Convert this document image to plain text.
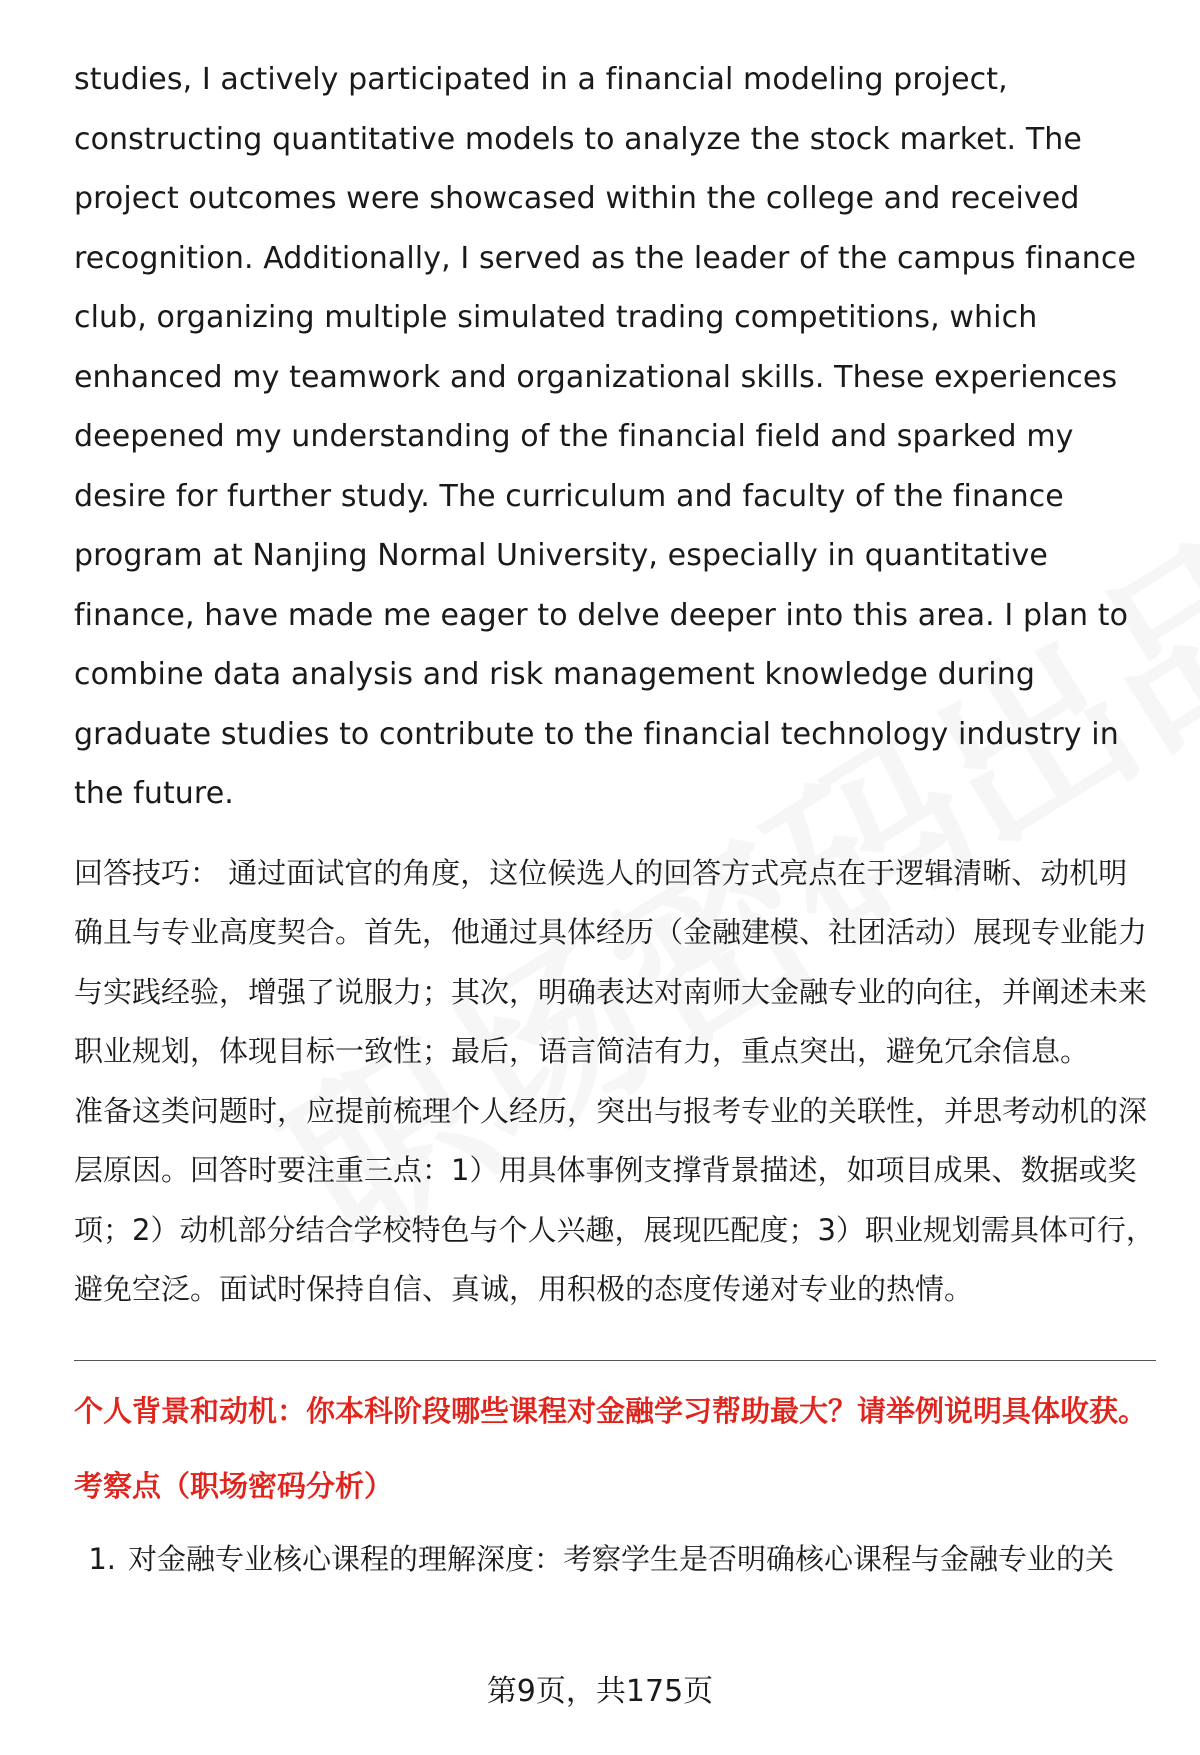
studies, I actively participated in a financial modeling project, constructing quantitative models to analyze the stock market. The project outcomes were showcased within the college and received recognition. Additionally, I served as the leader of the campus finance club, organizing multiple simulated trading competitions, which enhanced my teamwork and organizational skills. These experiences deepened my understanding of the financial field and sparked my desire for further study. The curriculum and faculty of the finance program at Nanjing Normal University, especially in quantitative finance, have made me eager to delve deeper into this area. I plan to combine data analysis and risk management knowledge during graduate studies to contribute to the financial technology industry in the future.

回答技巧： 通过面试官的角度，这位候选人的回答方式亮点在于逻辑清晰、动机明确且与专业高度契合。首先，他通过具体经历（金融建模、社团活动）展现专业能力与实践经验，增强了说服力；其次，明确表达对南师大金融专业的向往，并阐述未来职业规划，体现目标一致性；最后，语言简洁有力，重点突出，避免冗余信息。

准备这类问题时，应提前梳理个人经历，突出与报考专业的关联性，并思考动机的深层原因。回答时要注重三点：1）用具体事例支撑背景描述，如项目成果、数据或奖项；2）动机部分结合学校特色与个人兴趣，展现匹配度；3）职业规划需具体可行，避免空泛。面试时保持自信、真诚，用积极的态度传递对专业的热情。

个人背景和动机：你本科阶段哪些课程对金融学习帮助最大？请举例说明具体收获。
考察点（职场密码分析）
1. 对金融专业核心课程的理解深度：考察学生是否明确核心课程与金融专业的关
第9页，共175页
